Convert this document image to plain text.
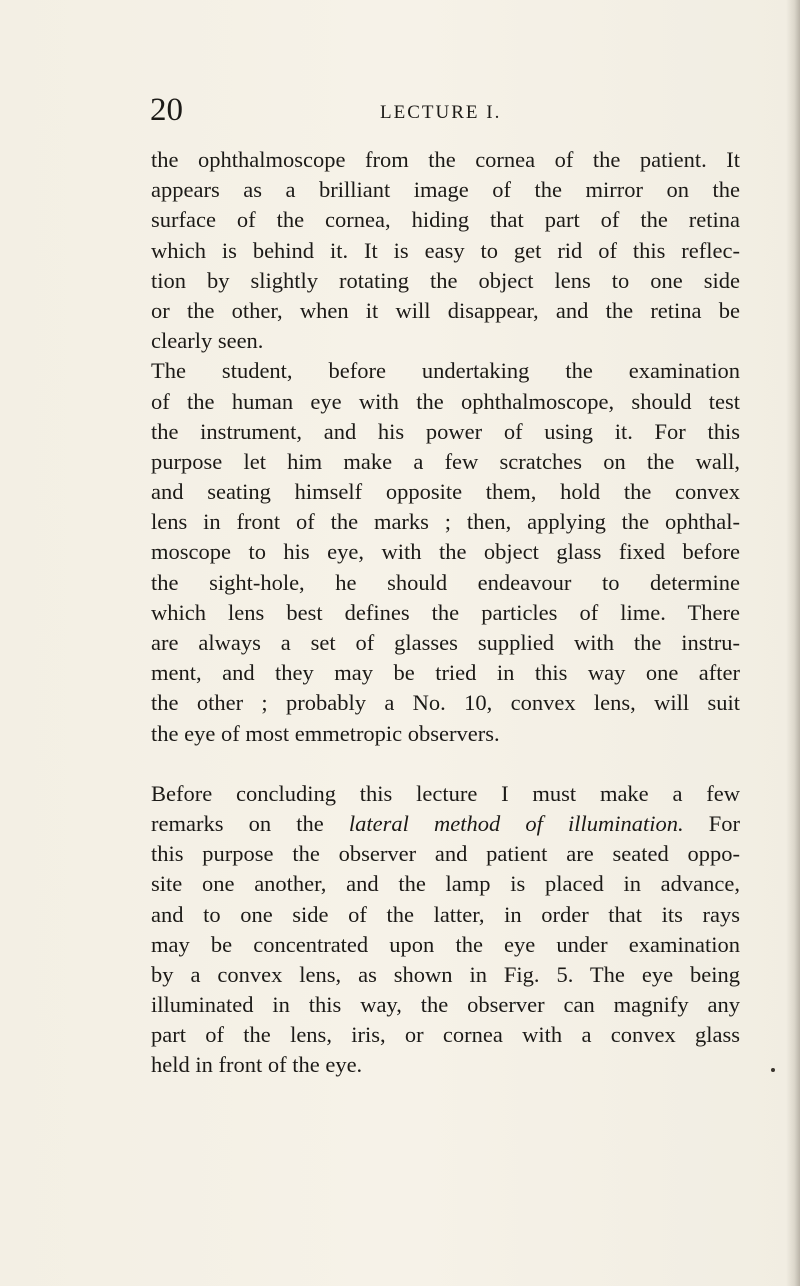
20	LECTURE I.

the ophthalmoscope from the cornea of the patient. It
appears as a brilliant image of the mirror on the
surface of the cornea, hiding that part of the retina
which is behind it. It is easy to get rid of this reflec-
tion by slightly rotating the object lens to one side
or the other, when it will disappear, and the retina be
clearly seen.

The student, before undertaking the examination
of the human eye with the ophthalmoscope, should test
the instrument, and his power of using it. For this
purpose let him make a few scratches on the wall,
and seating himself opposite them, hold the convex
lens in front of the marks ; then, applying the ophthal-
moscope to his eye, with the object glass fixed before
the sight-hole, he should endeavour to determine
which lens best defines the particles of lime. There
are always a set of glasses supplied with the instru-
ment, and they may be tried in this way one after
the other ; probably a No. 10, convex lens, will suit
the eye of most emmetropic observers.

Before concluding this lecture I must make a few
remarks on the lateral method of illumination. For
this purpose the observer and patient are seated oppo-
site one another, and the lamp is placed in advance,
and to one side of the latter, in order that its rays
may be concentrated upon the eye under examination
by a convex lens, as shown in Fig. 5. The eye being
illuminated in this way, the observer can magnify any
part of the lens, iris, or cornea with a convex glass
held in front of the eye.
